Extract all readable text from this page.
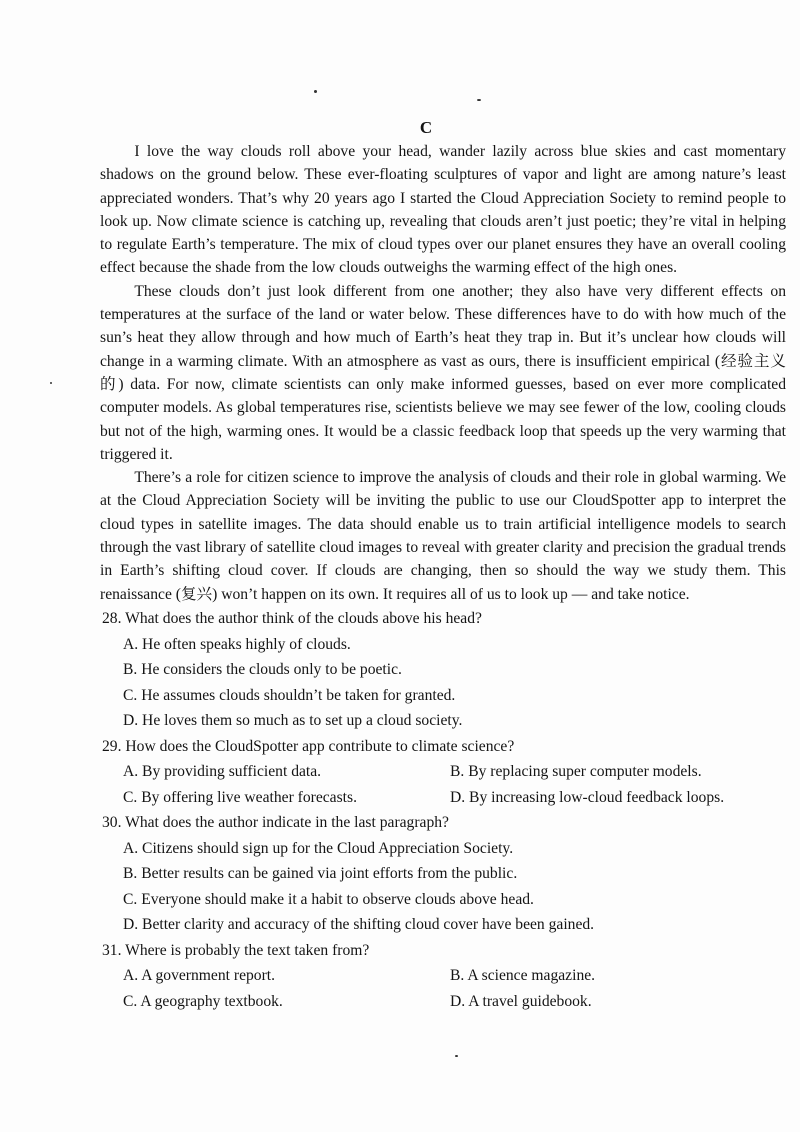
C

I love the way clouds roll above your head, wander lazily across blue skies and cast momentary shadows on the ground below. These ever-floating sculptures of vapor and light are among nature’s least appreciated wonders. That’s why 20 years ago I started the Cloud Appreciation Society to remind people to look up. Now climate science is catching up, revealing that clouds aren’t just poetic; they’re vital in helping to regulate Earth’s temperature. The mix of cloud types over our planet ensures they have an overall cooling effect because the shade from the low clouds outweighs the warming effect of the high ones.

These clouds don’t just look different from one another; they also have very different effects on temperatures at the surface of the land or water below. These differences have to do with how much of the sun’s heat they allow through and how much of Earth’s heat they trap in. But it’s unclear how clouds will change in a warming climate. With an atmosphere as vast as ours, there is insufficient empirical (经验主义的) data. For now, climate scientists can only make informed guesses, based on ever more complicated computer models. As global temperatures rise, scientists believe we may see fewer of the low, cooling clouds but not of the high, warming ones. It would be a classic feedback loop that speeds up the very warming that triggered it.

There’s a role for citizen science to improve the analysis of clouds and their role in global warming. We at the Cloud Appreciation Society will be inviting the public to use our CloudSpotter app to interpret the cloud types in satellite images. The data should enable us to train artificial intelligence models to search through the vast library of satellite cloud images to reveal with greater clarity and precision the gradual trends in Earth’s shifting cloud cover. If clouds are changing, then so should the way we study them. This renaissance (复兴) won’t happen on its own. It requires all of us to look up — and take notice.

28. What does the author think of the clouds above his head?
A. He often speaks highly of clouds.
B. He considers the clouds only to be poetic.
C. He assumes clouds shouldn’t be taken for granted.
D. He loves them so much as to set up a cloud society.
29. How does the CloudSpotter app contribute to climate science?
A. By providing sufficient data.	B. By replacing super computer models.
C. By offering live weather forecasts.	D. By increasing low-cloud feedback loops.
30. What does the author indicate in the last paragraph?
A. Citizens should sign up for the Cloud Appreciation Society.
B. Better results can be gained via joint efforts from the public.
C. Everyone should make it a habit to observe clouds above head.
D. Better clarity and accuracy of the shifting cloud cover have been gained.
31. Where is probably the text taken from?
A. A government report.	B. A science magazine.
C. A geography textbook.	D. A travel guidebook.
